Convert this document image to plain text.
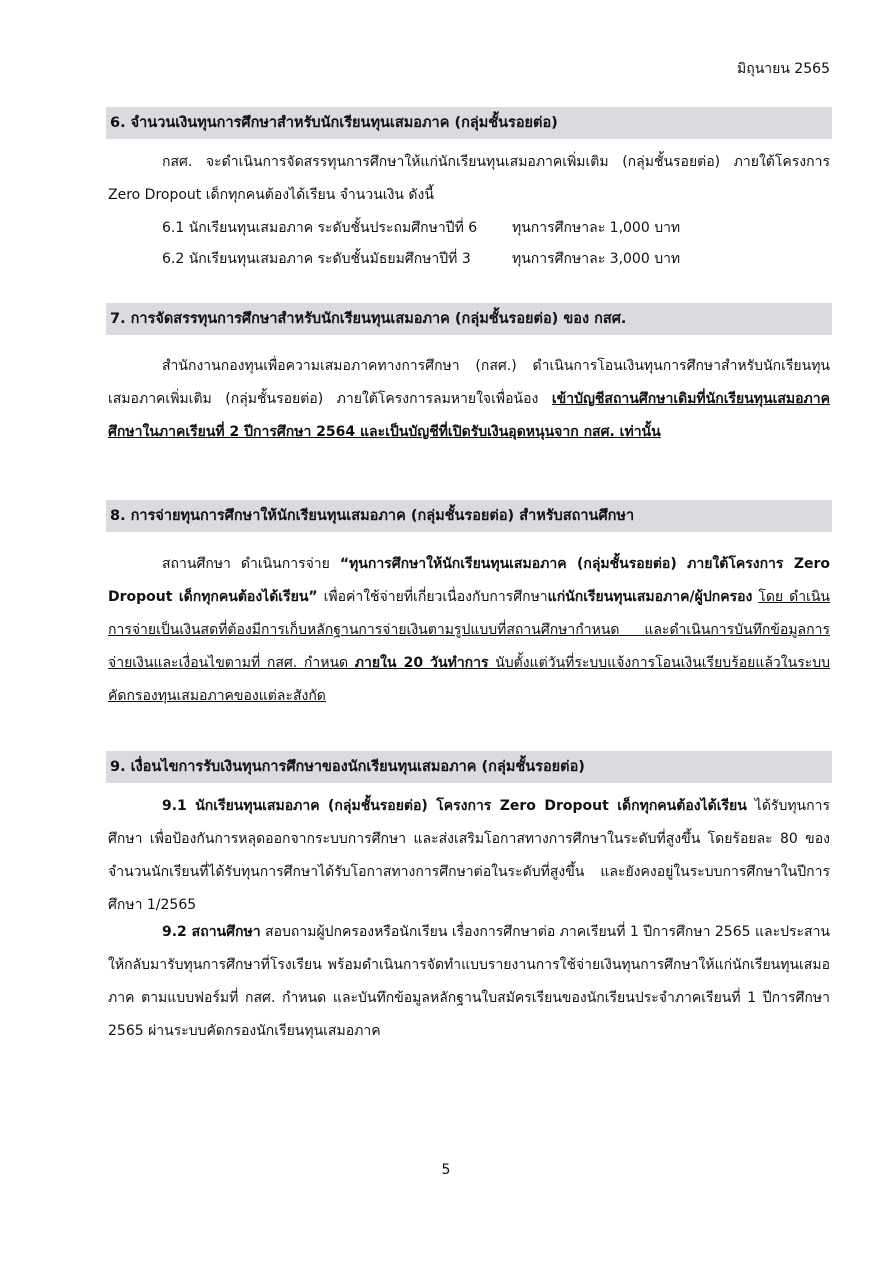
มิถุนายน 2565
6. จำนวนเงินทุนการศึกษาสำหรับนักเรียนทุนเสมอภาค (กลุ่มชั้นรอยต่อ)

กสศ. จะดำเนินการจัดสรรทุนการศึกษาให้แก่นักเรียนทุนเสมอภาคเพิ่มเติม (กลุ่มชั้นรอยต่อ) ภายใต้โครงการ Zero Dropout เด็กทุกคนต้องได้เรียน จำนวนเงิน ดังนี้

6.1 นักเรียนทุนเสมอภาค ระดับชั้นประถมศึกษาปีที่ 6 ทุนการศึกษาละ 1,000 บาท
6.2 นักเรียนทุนเสมอภาค ระดับชั้นมัธยมศึกษาปีที่ 3	ทุนการศึกษาละ 3,000 บาท
7. การจัดสรรทุนการศึกษาสำหรับนักเรียนทุนเสมอภาค (กลุ่มชั้นรอยต่อ) ของ กสศ.

สำนักงานกองทุนเพื่อความเสมอภาคทางการศึกษา (กสศ.) ดำเนินการโอนเงินทุนการศึกษาสำหรับนักเรียนทุนเสมอภาคเพิ่มเติม (กลุ่มชั้นรอยต่อ) ภายใต้โครงการลมหายใจเพื่อน้อง เข้าบัญชีสถานศึกษาเดิมที่นักเรียนทุนเสมอภาคศึกษาในภาคเรียนที่ 2 ปีการศึกษา 2564 และเป็นบัญชีที่เปิดรับเงินอุดหนุนจาก กสศ. เท่านั้น

8. การจ่ายทุนการศึกษาให้นักเรียนทุนเสมอภาค (กลุ่มชั้นรอยต่อ) สำหรับสถานศึกษา

สถานศึกษา ดำเนินการจ่าย “ทุนการศึกษาให้นักเรียนทุนเสมอภาค (กลุ่มชั้นรอยต่อ) ภายใต้โครงการ Zero Dropout เด็กทุกคนต้องได้เรียน” เพื่อค่าใช้จ่ายที่เกี่ยวเนื่องกับการศึกษาแก่นักเรียนทุนเสมอภาค/ผู้ปกครอง โดย ดำเนินการจ่ายเป็นเงินสดที่ต้องมีการเก็บหลักฐานการจ่ายเงินตามรูปแบบที่สถานศึกษากำหนด และดำเนินการบันทึกข้อมูลการจ่ายเงินและเงื่อนไขตามที่ กสศ. กำหนด ภายใน 20 วันทำการ นับตั้งแต่วันที่ระบบแจ้งการโอนเงินเรียบร้อยแล้วในระบบคัดกรองทุนเสมอภาคของแต่ละสังกัด

9. เงื่อนไขการรับเงินทุนการศึกษาของนักเรียนทุนเสมอภาค (กลุ่มชั้นรอยต่อ)

9.1 นักเรียนทุนเสมอภาค (กลุ่มชั้นรอยต่อ) โครงการ Zero Dropout เด็กทุกคนต้องได้เรียน ได้รับทุนการศึกษา เพื่อป้องกันการหลุดออกจากระบบการศึกษา และส่งเสริมโอกาสทางการศึกษาในระดับที่สูงขึ้น โดยร้อยละ 80 ของจำนวนนักเรียนที่ได้รับทุนการศึกษาได้รับโอกาสทางการศึกษาต่อในระดับที่สูงขึ้น และยังคงอยู่ในระบบการศึกษาในปีการศึกษา 1/2565

9.2 สถานศึกษา สอบถามผู้ปกครองหรือนักเรียน เรื่องการศึกษาต่อ ภาคเรียนที่ 1 ปีการศึกษา 2565 และประสานให้กลับมารับทุนการศึกษาที่โรงเรียน พร้อมดำเนินการจัดทำแบบรายงานการใช้จ่ายเงินทุนการศึกษาให้แก่นักเรียนทุนเสมอภาค ตามแบบฟอร์มที่ กสศ. กำหนด และบันทึกข้อมูลหลักฐานใบสมัครเรียนของนักเรียนประจำภาคเรียนที่ 1 ปีการศึกษา 2565 ผ่านระบบคัดกรองนักเรียนทุนเสมอภาค

5
